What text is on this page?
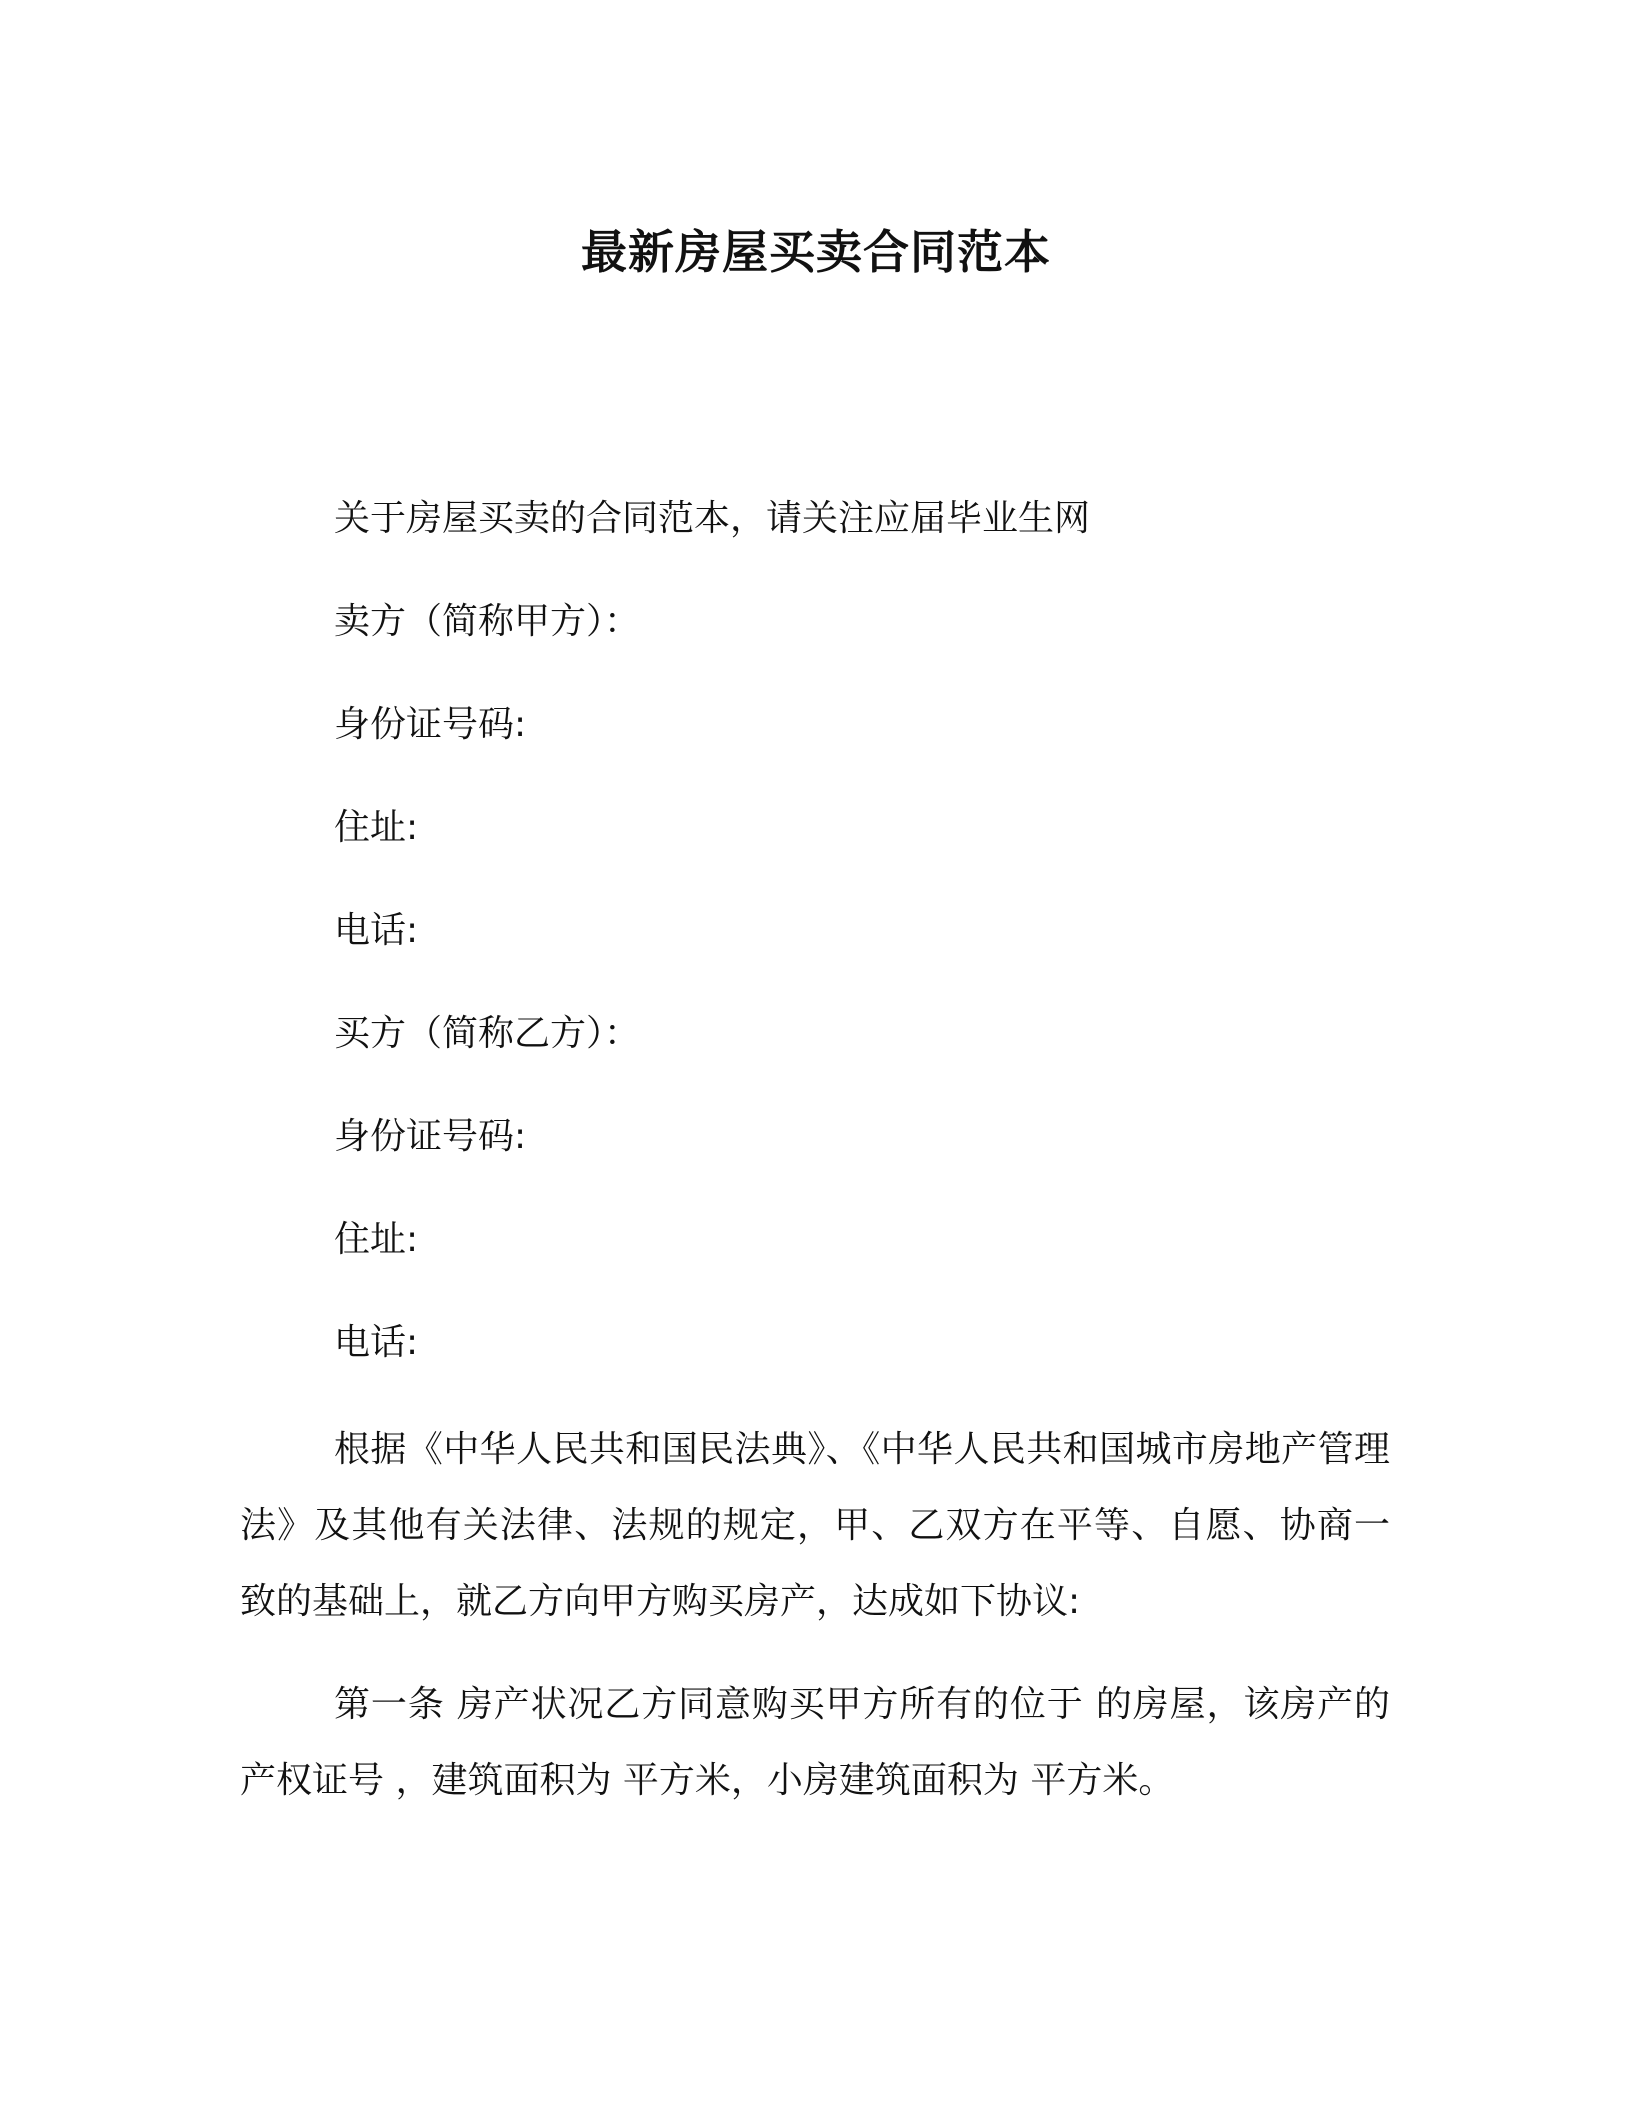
最新房屋买卖合同范本
关于房屋买卖的合同范本，请关注应届毕业生网
卖方（简称甲方）：
身份证号码:
住址:
电话:
买方（简称乙方）：
身份证号码:
住址:
电话:
根据《中华人民共和国民法典》、《中华人民共和国城市房地产管理法》及其他有关法律、法规的规定，甲、乙双方在平等、自愿、协商一致的基础上，就乙方向甲方购买房产，达成如下协议:
第一条 房产状况乙方同意购买甲方所有的位于 的房屋，该房产的产权证号 ，建筑面积为 平方米，小房建筑面积为 平方米。
